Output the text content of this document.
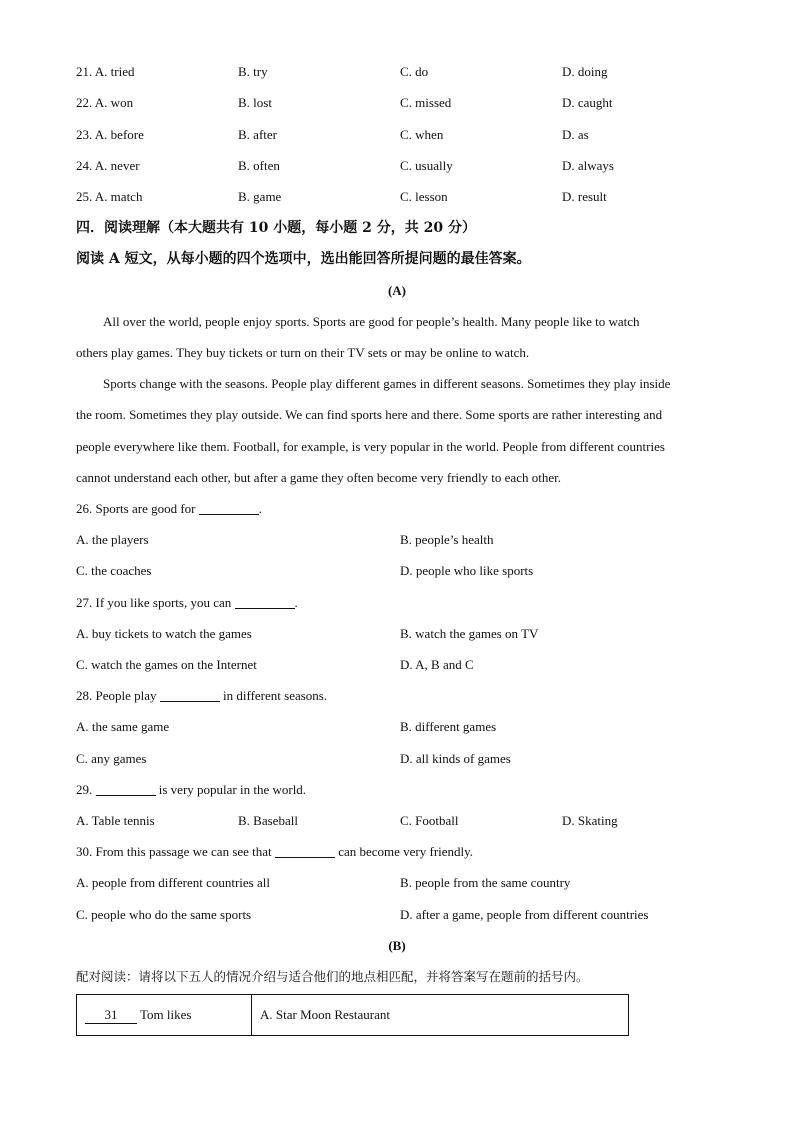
21. A. tried	B. try	C. do	D. doing
22. A. won	B. lost	C. missed	D. caught
23. A. before	B. after	C. when	D. as
24. A. never	B. often	C. usually	D. always
25. A. match	B. game	C. lesson	D. result
四．阅读理解（本大题共有 10 小题，每小题 2 分，共 20 分）
阅读 A 短文，从每小题的四个选项中，选出能回答所提问题的最佳答案。
(A)
All over the world, people enjoy sports. Sports are good for people’s health. Many people like to watch
others play games. They buy tickets or turn on their TV sets or may be online to watch.
Sports change with the seasons. People play different games in different seasons. Sometimes they play inside
the room. Sometimes they play outside. We can find sports here and there. Some sports are rather interesting and
people everywhere like them. Football, for example, is very popular in the world. People from different countries
cannot understand each other, but after a game they often become very friendly to each other.
26. Sports are good for	.
A. the players	B. people’s health
C. the coaches	D. people who like sports
27. If you like sports, you can	.
A. buy tickets to watch the games	B. watch the games on TV
C. watch the games on the Internet	D. A, B and C
28. People play	in different seasons.
A. the same game	B. different games
C. any games	D. all kinds of games
29.	is very popular in the world.
A. Table tennis	B. Baseball	C. Football	D. Skating
30. From this passage we can see that	can become very friendly.
A. people from different countries all	B. people from the same country
C. people who do the same sports	D. after a game, people from different countries
(B)
配对阅读：请将以下五人的情况介绍与适合他们的地点相匹配，并将答案写在题前的括号内。
31 Tom likes	A. Star Moon Restaurant
